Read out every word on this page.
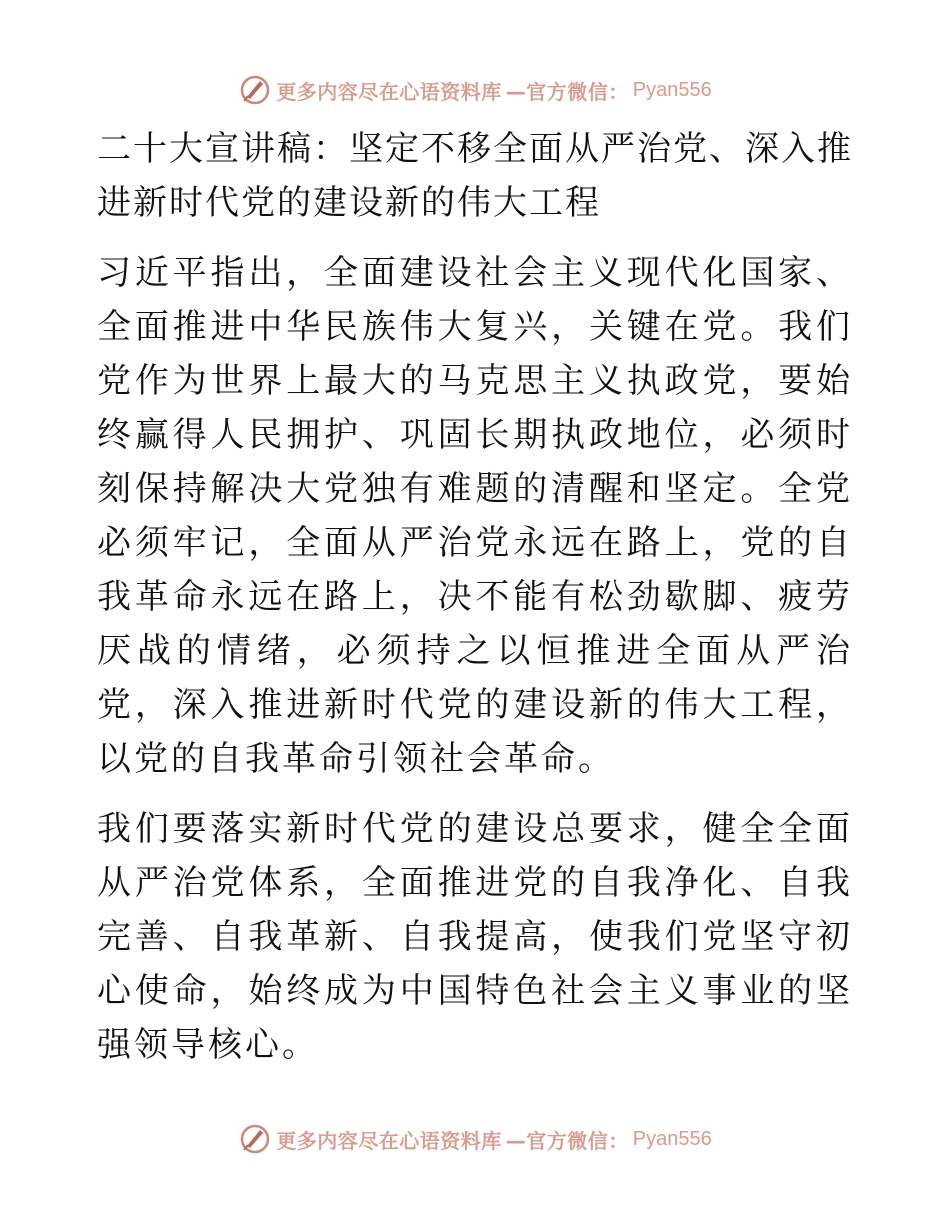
更多内容尽在心语资料库 —官方微信： Pyan556
二十大宣讲稿：坚定不移全面从严治党、深入推进新时代党的建设新的伟大工程

习近平指出，全面建设社会主义现代化国家、全面推进中华民族伟大复兴，关键在党。我们党作为世界上最大的马克思主义执政党，要始终赢得人民拥护、巩固长期执政地位，必须时刻保持解决大党独有难题的清醒和坚定。全党必须牢记，全面从严治党永远在路上，党的自我革命永远在路上，决不能有松劲歇脚、疲劳厌战的情绪，必须持之以恒推进全面从严治党，深入推进新时代党的建设新的伟大工程，以党的自我革命引领社会革命。

我们要落实新时代党的建设总要求，健全全面从严治党体系，全面推进党的自我净化、自我完善、自我革新、自我提高，使我们党坚守初心使命，始终成为中国特色社会主义事业的坚强领导核心。

更多内容尽在心语资料库 —官方微信： Pyan556
